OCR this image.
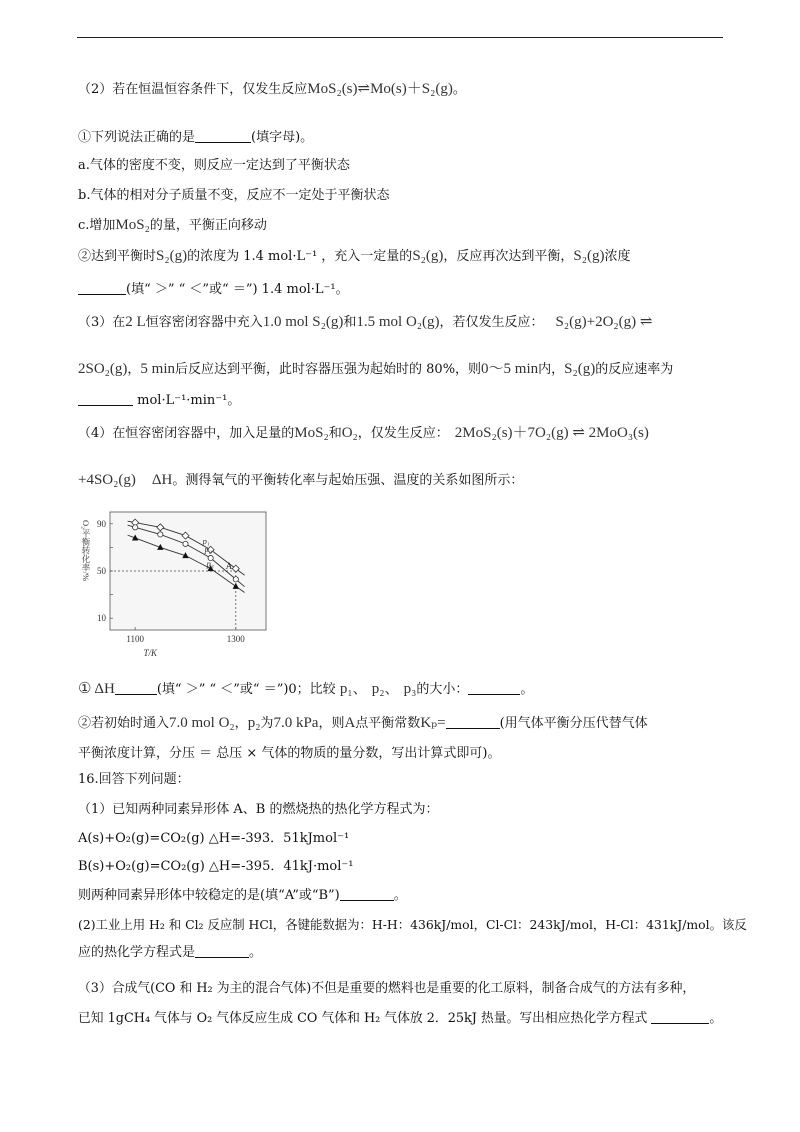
（2）若在恒温恒容条件下，仅发生反应MoS₂(s)⇌Mo(s)＋S₂(g)。
①下列说法正确的是	(填字母)。
a.气体的密度不变，则反应一定达到了平衡状态
b.气体的相对分子质量不变，反应不一定处于平衡状态
c.增加MoS₂的量，平衡正向移动
②达到平衡时S₂(g)的浓度为 1.4 mol·L⁻¹ ，充入一定量的S₂(g)，反应再次达到平衡，S₂(g)浓度
(填“ ＞” “ ＜”或“ ＝”) 1.4 mol·L⁻¹。
（3）在2 L恒容密闭容器中充入1.0 mol S₂(g)和1.5 mol O₂(g)，若仅发生反应： S₂(g)+2O₂(g) ⇌
2SO₂(g)，5 min后反应达到平衡，此时容器压强为起始时的 80%，则0～5 min内，S₂(g)的反应速率为
mol·L⁻¹·min⁻¹。
（4）在恒容密闭容器中，加入足量的MoS₂和O₂，仅发生反应： 2MoS₂(s)＋7O₂(g) ⇌ 2MoO₃(s)
+4SO₂(g) ΔH。测得氧气的平衡转化率与起始压强、温度的关系如图所示：
90
50
10
1100	1300
T/K
O₂平衡转化率/%	p₁
p₂
p₃ A
① ΔH	(填“ ＞” “ ＜”或“ ＝”)0；比较 p₁、 p₂、 p₃的大小：	。
②若初始时通入7.0 mol O₂，p₂为7.0 kPa，则A点平衡常数Kₚ=	(用气体平衡分压代替气体
平衡浓度计算，分压 ＝ 总压 × 气体的物质的量分数，写出计算式即可)。
16.回答下列问题：
（1）已知两种同素异形体 A、B 的燃烧热的热化学方程式为：
A(s)+O₂(g)=CO₂(g) △H=-393．51kJmol⁻¹
B(s)+O₂(g)=CO₂(g) △H=-395．41kJ·mol⁻¹
则两种同素异形体中较稳定的是(填“A”或“B”)	。
(2)工业上用 H₂ 和 Cl₂ 反应制 HCl，各键能数据为：H-H：436kJ/mol，Cl-Cl：243kJ/mol，H-Cl：431kJ/mol。该反
应的热化学方程式是	。
（3）合成气(CO 和 H₂ 为主的混合气体)不但是重要的燃料也是重要的化工原料，制备合成气的方法有多种，
已知 1gCH₄ 气体与 O₂ 气体反应生成 CO 气体和 H₂ 气体放 2．25kJ 热量。写出相应热化学方程式	。
